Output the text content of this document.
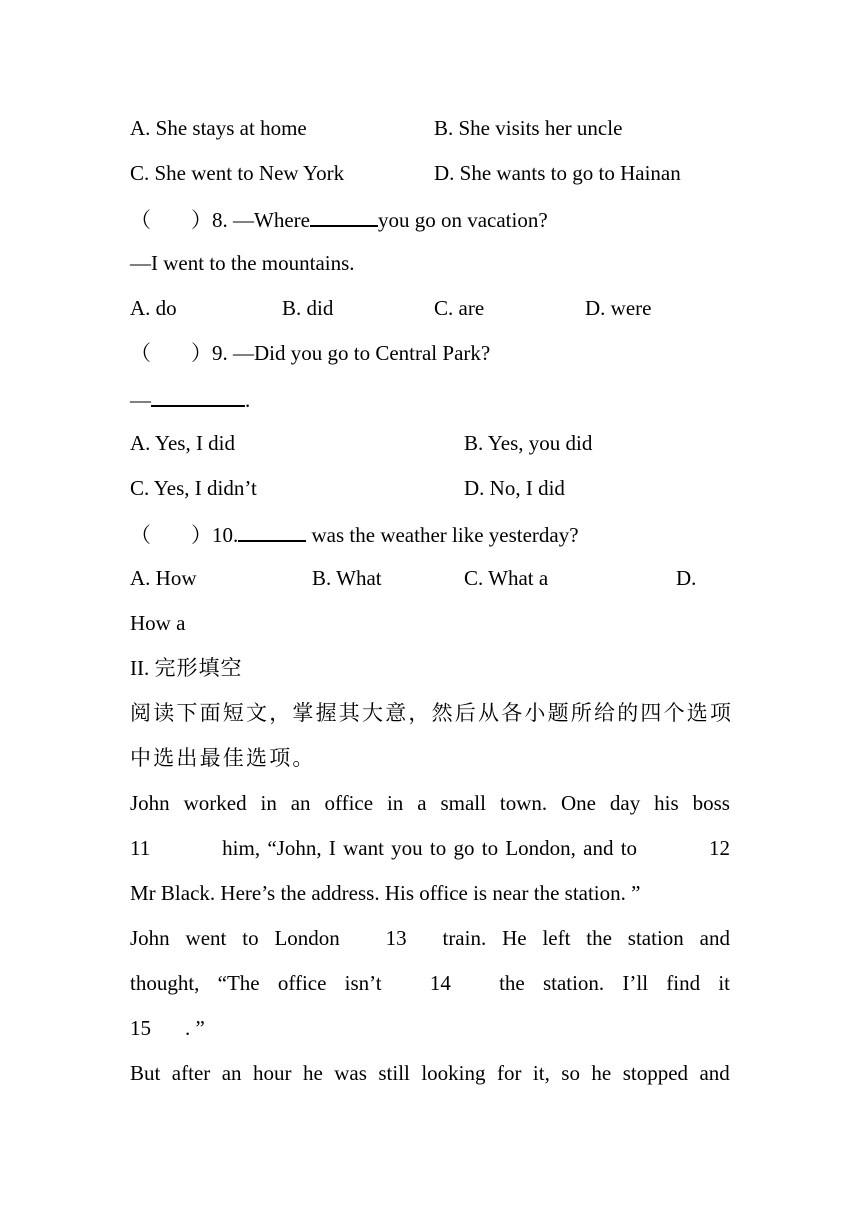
A. She stays at home	B. She visits her uncle
C. She went to New York	D. She wants to go to Hainan
（ ）8. —Where	you go on vacation?
—I went to the mountains.
A. do	B. did	C. are	D. were
（ ）9. —Did you go to Central Park?
—	.
A. Yes, I did	B. Yes, you did
C. Yes, I didn’t	D. No, I did
（ ）10.	was the weather like yesterday?
A. How	B. What	C. What a	D.
How a
II. 完形填空
阅读下面短文，掌握其大意，然后从各小题所给的四个选项
中选出最佳选项。
John worked in an office in a small town. One day his boss
11	him, “John, I want you to go to London, and to	12
Mr Black. Here’s the address. His office is near the station. ”
John went to London 13 train. He left the station and
thought, “The office isn’t 14 the station. I’ll find it
15 . ”
But after an hour he was still looking for it, so he stopped and
